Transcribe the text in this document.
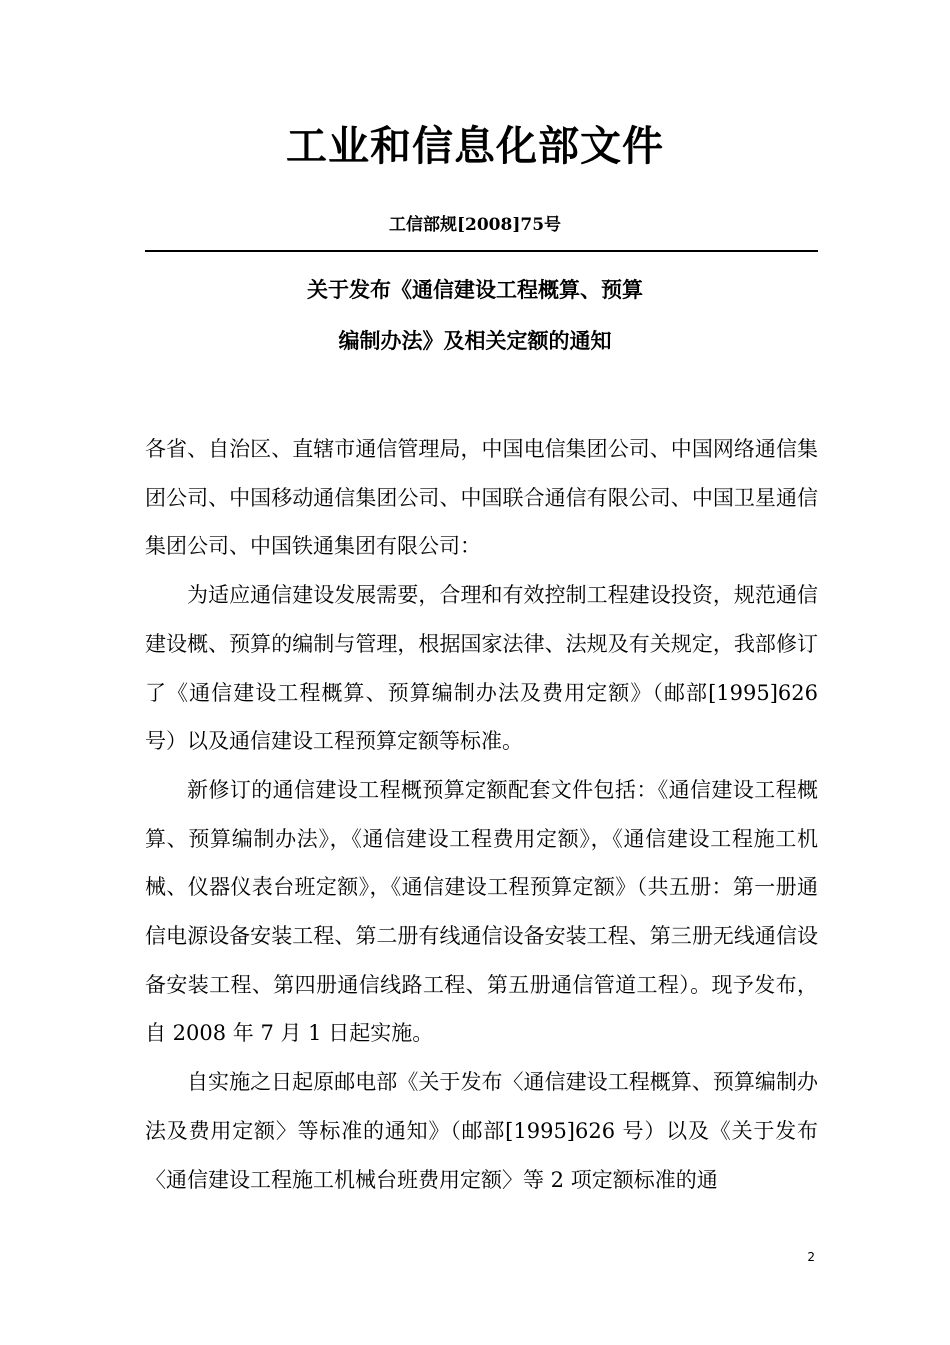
工业和信息化部文件
工信部规[2008]75号
关于发布《通信建设工程概算、预算
编制办法》及相关定额的通知

各省、自治区、直辖市通信管理局，中国电信集团公司、中国网络通信集团公司、中国移动通信集团公司、中国联合通信有限公司、中国卫星通信集团公司、中国铁通集团有限公司：

为适应通信建设发展需要，合理和有效控制工程建设投资，规范通信建设概、预算的编制与管理，根据国家法律、法规及有关规定，我部修订了《通信建设工程概算、预算编制办法及费用定额》（邮部[1995]626 号）以及通信建设工程预算定额等标准。

新修订的通信建设工程概预算定额配套文件包括：《通信建设工程概算、预算编制办法》，《通信建设工程费用定额》，《通信建设工程施工机械、仪器仪表台班定额》，《通信建设工程预算定额》（共五册：第一册通信电源设备安装工程、第二册有线通信设备安装工程、第三册无线通信设备安装工程、第四册通信线路工程、第五册通信管道工程）。现予发布，自 2008 年 7 月 1 日起实施。

自实施之日起原邮电部《关于发布〈通信建设工程概算、预算编制办法及费用定额〉等标准的通知》（邮部[1995]626 号）以及《关于发布〈通信建设工程施工机械台班费用定额〉等 2 项定额标准的通

2
